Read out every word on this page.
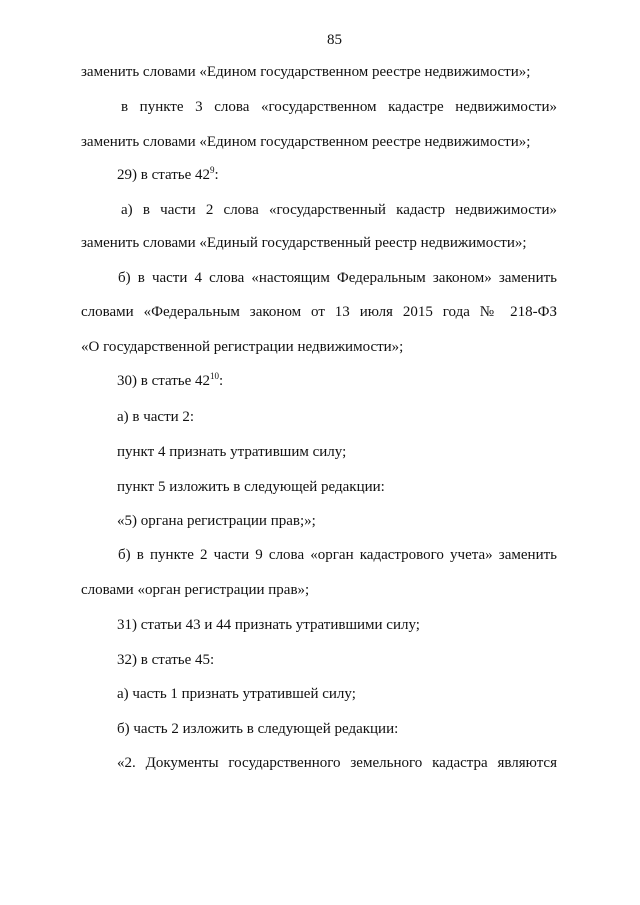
85
заменить словами «Едином государственном реестре недвижимости»;
в пункте 3 слова «государственном кадастре недвижимости»
заменить словами «Едином государственном реестре недвижимости»;
29) в статье $42^9$:
а) в части 2 слова «государственный кадастр недвижимости»
заменить словами «Единый государственный реестр недвижимости»;
б) в части 4 слова «настоящим Федеральным законом» заменить
словами «Федеральным законом от 13 июля 2015 года № 218-ФЗ
«О государственной регистрации недвижимости»;
30) в статье $42^{10}$:
а) в части 2:
пункт 4 признать утратившим силу;
пункт 5 изложить в следующей редакции:
«5) органа регистрации прав;»;
б) в пункте 2 части 9 слова «орган кадастрового учета» заменить
словами «орган регистрации прав»;
31) статьи 43 и 44 признать утратившими силу;
32) в статье 45:
а) часть 1 признать утратившей силу;
б) часть 2 изложить в следующей редакции:
«2. Документы государственного земельного кадастра являются
